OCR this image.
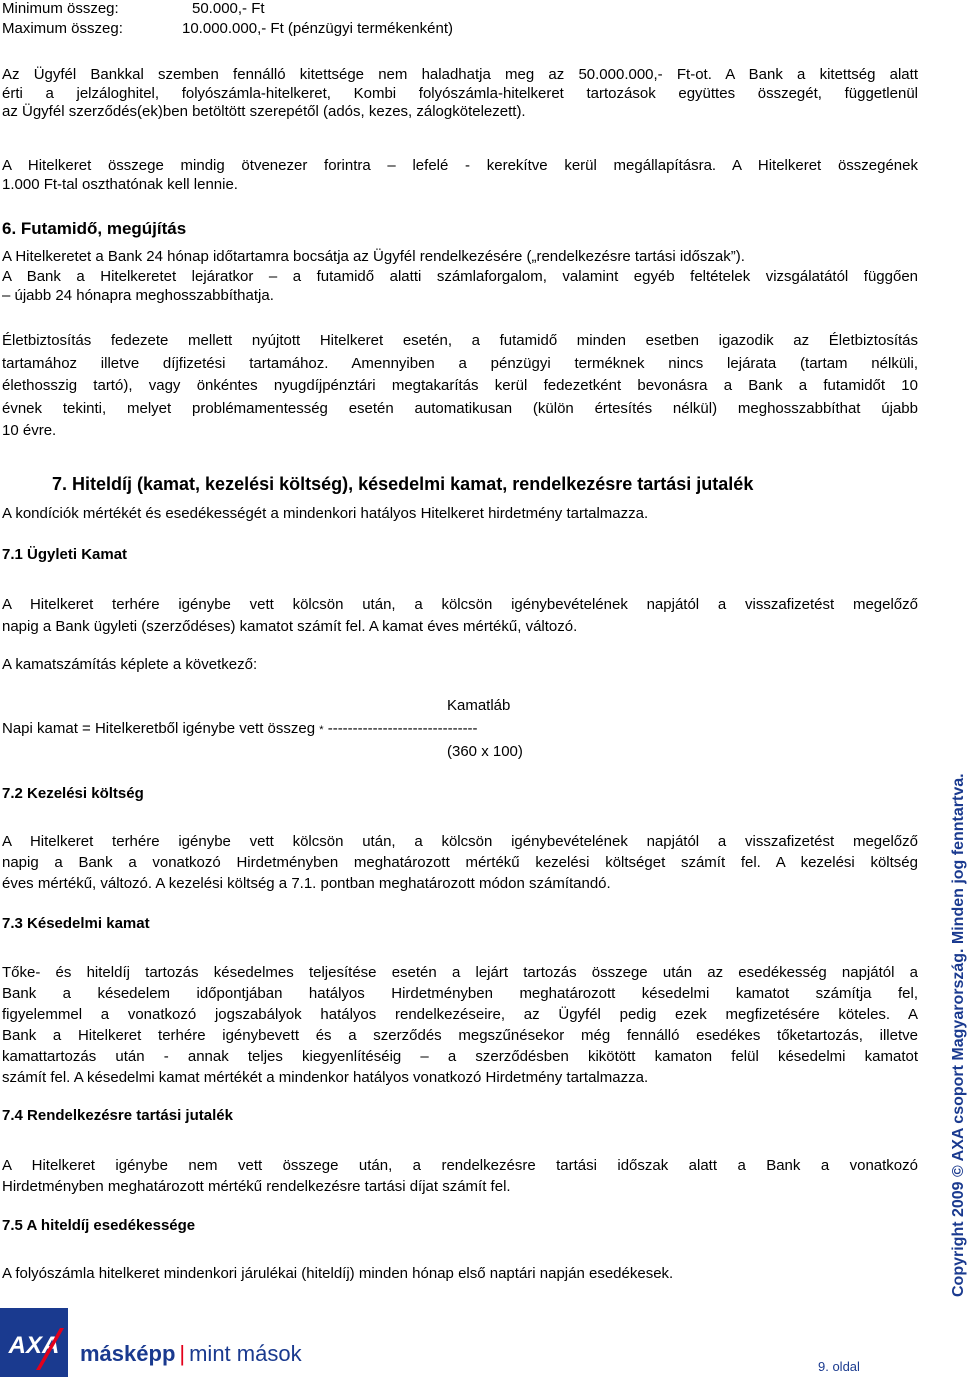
Minimum összeg:	50.000,- Ft
Maximum összeg:	10.000.000,- Ft (pénzügyi termékenként)
Az Ügyfél Bankkal szemben fennálló kitettsége nem haladhatja meg az 50.000.000,- Ft-ot. A Bank a kitettség alatt
érti a jelzáloghitel, folyószámla-hitelkeret, Kombi folyószámla-hitelkeret tartozások együttes összegét, függetlenül
az Ügyfél szerződés(ek)ben betöltött szerepétől (adós, kezes, zálogkötelezett).
A Hitelkeret összege mindig ötvenezer forintra – lefelé - kerekítve kerül megállapításra. A Hitelkeret összegének
1.000 Ft-tal oszthatónak kell lennie.
6. Futamidő, megújítás
A Hitelkeretet a Bank 24 hónap időtartamra bocsátja az Ügyfél rendelkezésére („rendelkezésre tartási időszak”).
A Bank a Hitelkeretet lejáratkor – a futamidő alatti számlaforgalom, valamint egyéb feltételek vizsgálatától függően
– újabb 24 hónapra meghosszabbíthatja.
Életbiztosítás fedezete mellett nyújtott Hitelkeret esetén, a futamidő minden esetben igazodik az Életbiztosítás
tartamához illetve díjfizetési tartamához. Amennyiben a pénzügyi terméknek nincs lejárata (tartam nélküli,
élethosszig tartó), vagy önkéntes nyugdíjpénztári megtakarítás kerül fedezetként bevonásra a Bank a futamidőt 10
évnek tekinti, melyet problémamentesség esetén automatikusan (külön értesítés nélkül) meghosszabbíthat újabb
10 évre.
7. Hiteldíj (kamat, kezelési költség), késedelmi kamat, rendelkezésre tartási jutalék
A kondíciók mértékét és esedékességét a mindenkori hatályos Hitelkeret hirdetmény tartalmazza.
7.1 Ügyleti Kamat
A Hitelkeret terhére igénybe vett kölcsön után, a kölcsön igénybevételének napjától a visszafizetést megelőző
napig a Bank ügyleti (szerződéses) kamatot számít fel. A kamat éves mértékű, változó.
A kamatszámítás képlete a következő:
Kamatláb
Napi kamat = Hitelkeretből igénybe vett összeg * ------------------------------
(360 x 100)
7.2 Kezelési költség
A Hitelkeret terhére igénybe vett kölcsön után, a kölcsön igénybevételének napjától a visszafizetést megelőző
napig a Bank a vonatkozó Hirdetményben meghatározott mértékű kezelési költséget számít fel. A kezelési költség
éves mértékű, változó. A kezelési költség a 7.1. pontban meghatározott módon számítandó.
7.3 Késedelmi kamat
Tőke- és hiteldíj tartozás késedelmes teljesítése esetén a lejárt tartozás összege után az esedékesség napjától a
Bank a késedelem időpontjában hatályos Hirdetményben meghatározott késedelmi kamatot számítja fel,
figyelemmel a vonatkozó jogszabályok hatályos rendelkezéseire, az Ügyfél pedig ezek megfizetésére köteles. A
Bank a Hitelkeret terhére igénybevett és a szerződés megszűnésekor még fennálló esedékes tőketartozás, illetve
kamattartozás után - annak teljes kiegyenlítéséig – a szerződésben kikötött kamaton felül késedelmi kamatot
számít fel. A késedelmi kamat mértékét a mindenkor hatályos vonatkozó Hirdetmény tartalmazza.
7.4 Rendelkezésre tartási jutalék
A Hitelkeret igénybe nem vett összege után, a rendelkezésre tartási időszak alatt a Bank a vonatkozó
Hirdetményben meghatározott mértékű rendelkezésre tartási díjat számít fel.
7.5 A hiteldíj esedékessége
A folyószámla hitelkeret mindenkori járulékai (hiteldíj) minden hónap első naptári napján esedékesek.	Copyright 2009 © AXA csoport Magyarország. Minden jog fenntartva.
AXA másképp | mint mások
9. oldal
